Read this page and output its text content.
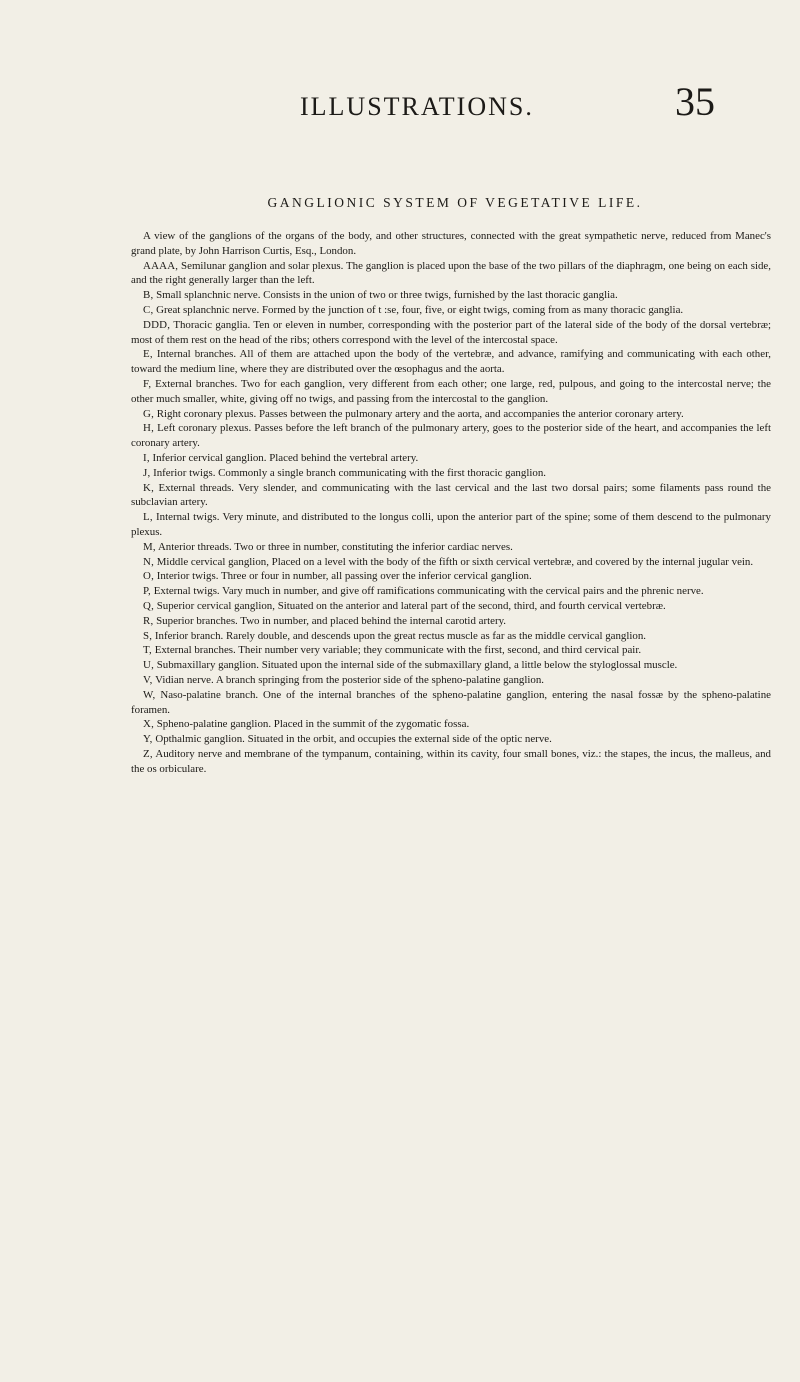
ILLUSTRATIONS.	35
GANGLIONIC SYSTEM OF VEGETATIVE LIFE.

A view of the ganglions of the organs of the body, and other structures, connected with the great sympathetic nerve, reduced from Manec's grand plate, by John Harrison Curtis, Esq., London.

AAAA, Semilunar ganglion and solar plexus. The ganglion is placed upon the base of the two pillars of the diaphragm, one being on each side, and the right generally larger than the left.

B, Small splanchnic nerve. Consists in the union of two or three twigs, furnished by the last thoracic ganglia.

C, Great splanchnic nerve. Formed by the junction of t :se, four, five, or eight twigs, coming from as many thoracic ganglia.

DDD, Thoracic ganglia. Ten or eleven in number, corresponding with the posterior part of the lateral side of the body of the dorsal vertebræ; most of them rest on the head of the ribs; others correspond with the level of the intercostal space.

E, Internal branches. All of them are attached upon the body of the vertebræ, and advance, ramifying and communicating with each other, toward the medium line, where they are distributed over the œsophagus and the aorta.

F, External branches. Two for each ganglion, very different from each other; one large, red, pulpous, and going to the intercostal nerve; the other much smaller, white, giving off no twigs, and passing from the intercostal to the ganglion.

G, Right coronary plexus. Passes between the pulmonary artery and the aorta, and accompanies the anterior coronary artery.

H, Left coronary plexus. Passes before the left branch of the pulmonary artery, goes to the posterior side of the heart, and accompanies the left coronary artery.

I, Inferior cervical ganglion. Placed behind the vertebral artery.

J, Inferior twigs. Commonly a single branch communicating with the first thoracic ganglion.

K, External threads. Very slender, and communicating with the last cervical and the last two dorsal pairs; some filaments pass round the subclavian artery.

L, Internal twigs. Very minute, and distributed to the longus colli, upon the anterior part of the spine; some of them descend to the pulmonary plexus.

M, Anterior threads. Two or three in number, constituting the inferior cardiac nerves.

N, Middle cervical ganglion, Placed on a level with the body of the fifth or sixth cervical vertebræ, and covered by the internal jugular vein.

O, Interior twigs. Three or four in number, all passing over the inferior cervical ganglion.

P, External twigs. Vary much in number, and give off ramifications communicating with the cervical pairs and the phrenic nerve.

Q, Superior cervical ganglion, Situated on the anterior and lateral part of the second, third, and fourth cervical vertebræ.

R, Superior branches. Two in number, and placed behind the internal carotid artery.

S, Inferior branch. Rarely double, and descends upon the great rectus muscle as far as the middle cervical ganglion.

T, External branches. Their number very variable; they communicate with the first, second, and third cervical pair.

U, Submaxillary ganglion. Situated upon the internal side of the submaxillary gland, a little below the styloglossal muscle.

V, Vidian nerve. A branch springing from the posterior side of the spheno-palatine ganglion.

W, Naso-palatine branch. One of the internal branches of the spheno-palatine ganglion, entering the nasal fossæ by the spheno-palatine foramen.

X, Spheno-palatine ganglion. Placed in the summit of the zygomatic fossa.

Y, Opthalmic ganglion. Situated in the orbit, and occupies the external side of the optic nerve.

Z, Auditory nerve and membrane of the tympanum, containing, within its cavity, four small bones, viz.: the stapes, the incus, the malleus, and the os orbiculare.
